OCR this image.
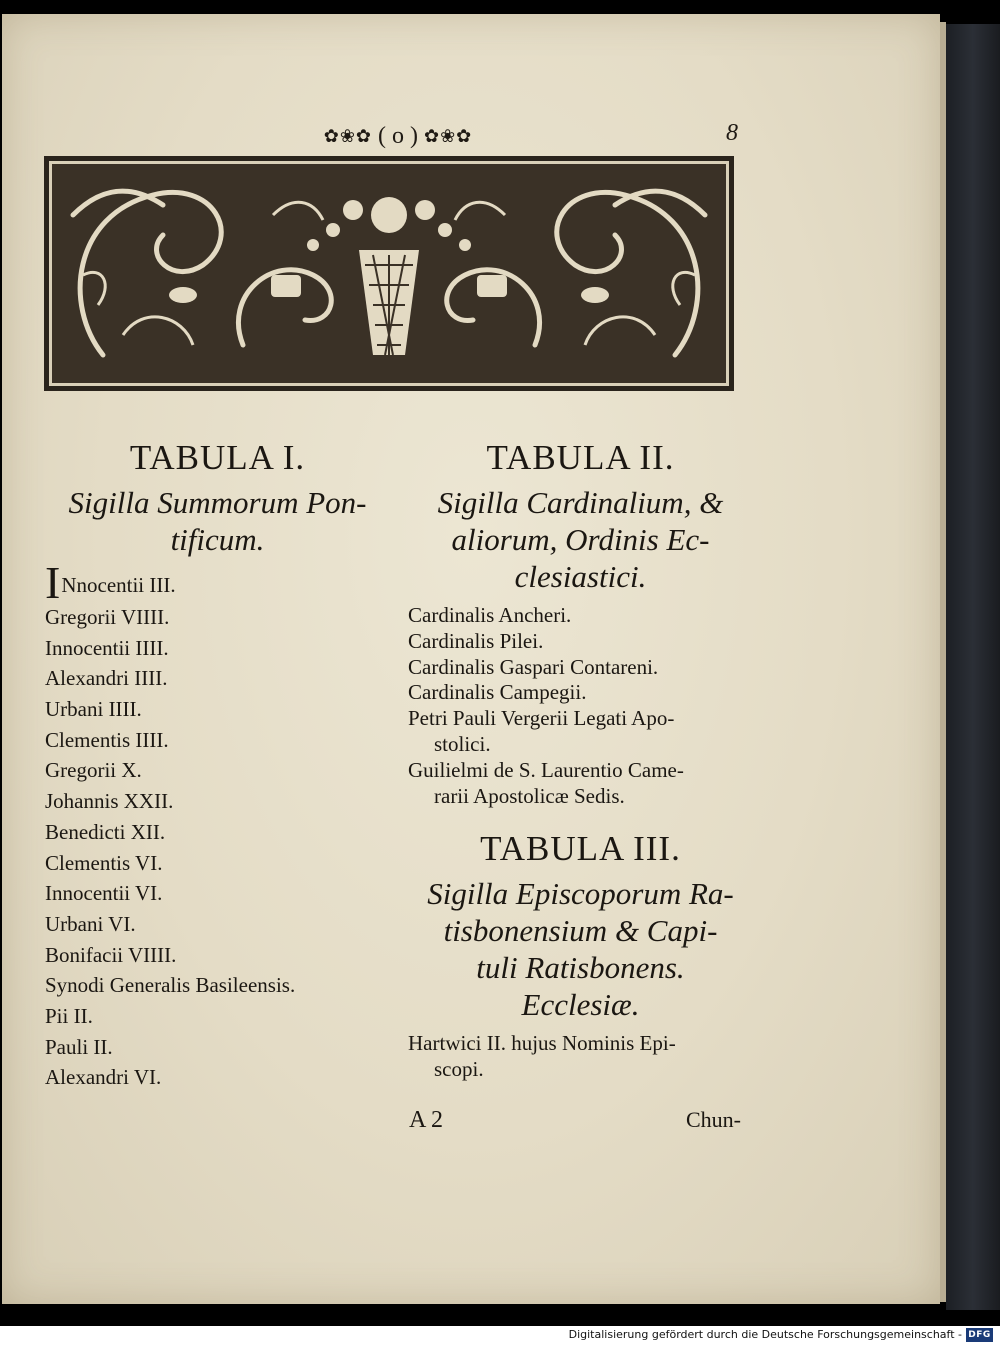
✿❀✿ ( o ) ✿❀✿	8
TABULA I.
Sigilla Summorum Pon-
tificum.
INnocentii III.
Gregorii VIIII.
Innocentii IIII.
Alexandri IIII.
Urbani IIII.
Clementis IIII.
Gregorii X.
Johannis XXII.
Benedicti XII.
Clementis VI.
Innocentii VI.
Urbani VI.
Bonifacii VIIII.
Synodi Generalis Basileensis.
Pii II.
Pauli II.
Alexandri VI.
TABULA II.
Sigilla Cardinalium, &
aliorum, Ordinis Ec-
clesiastici.
Cardinalis Ancheri.
Cardinalis Pilei.
Cardinalis Gaspari Contareni.
Cardinalis Campegii.
Petri Pauli Vergerii Legati Apo-
stolici.
Guilielmi de S. Laurentio Came-
rarii Apostolicæ Sedis.
TABULA III.
Sigilla Episcoporum Ra-
tisbonensium & Capi-
tuli Ratisbonens.
Ecclesiæ.
Hartwici II. hujus Nominis Epi-
scopi.
A 2	Chun-
Digitalisierung gefördert durch die Deutsche Forschungsgemeinschaft - DFG
